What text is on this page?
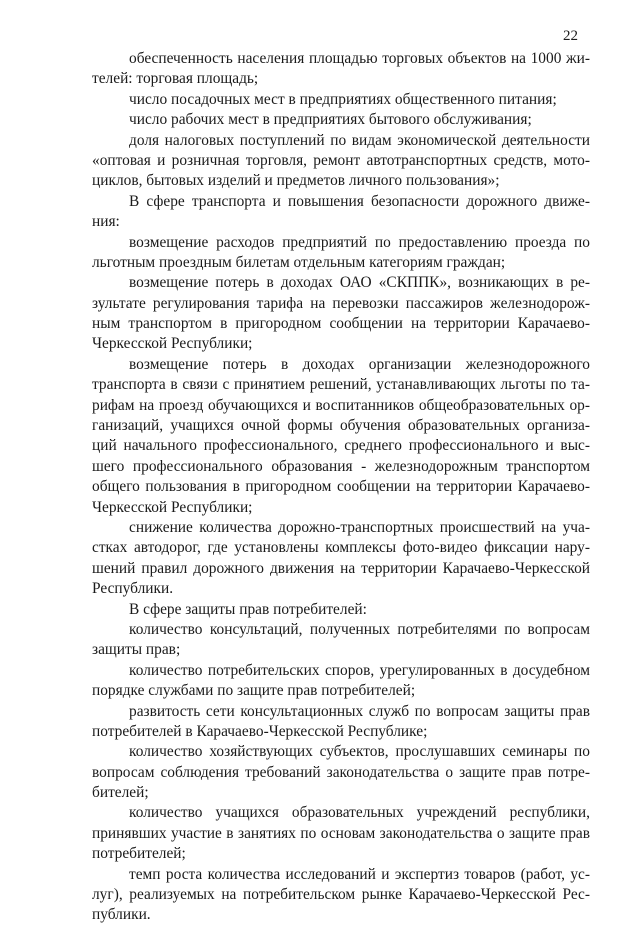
22
обеспеченность населения площадью торговых объектов на 1000 жи-
телей: торговая площадь;
число посадочных мест в предприятиях общественного питания;
число рабочих мест в предприятиях бытового обслуживания;
доля налоговых поступлений по видам экономической деятельности
«оптовая и розничная торговля, ремонт автотранспортных средств, мото-
циклов, бытовых изделий и предметов личного пользования»;
В сфере транспорта и повышения безопасности дорожного движе-
ния:
возмещение расходов предприятий по предоставлению проезда по
льготным проездным билетам отдельным категориям граждан;
возмещение потерь в доходах ОАО «СКППК», возникающих в ре-
зультате регулирования тарифа на перевозки пассажиров железнодорож-
ным транспортом в пригородном сообщении на территории Карачаево-
Черкесской Республики;
возмещение потерь в доходах организации железнодорожного
транспорта в связи с принятием решений, устанавливающих льготы по та-
рифам на проезд обучающихся и воспитанников общеобразовательных ор-
ганизаций, учащихся очной формы обучения образовательных организа-
ций начального профессионального, среднего профессионального и выс-
шего профессионального образования - железнодорожным транспортом
общего пользования в пригородном сообщении на территории Карачаево-
Черкесской Республики;
снижение количества дорожно-транспортных происшествий на уча-
стках автодорог, где установлены комплексы фото-видео фиксации нару-
шений правил дорожного движения на территории Карачаево-Черкесской
Республики.
В сфере защиты прав потребителей:
количество консультаций, полученных потребителями по вопросам
защиты прав;
количество потребительских споров, урегулированных в досудебном
порядке службами по защите прав потребителей;
развитость сети консультационных служб по вопросам защиты прав
потребителей в Карачаево-Черкесской Республике;
количество хозяйствующих субъектов, прослушавших семинары по
вопросам соблюдения требований законодательства о защите прав потре-
бителей;
количество учащихся образовательных учреждений республики,
принявших участие в занятиях по основам законодательства о защите прав
потребителей;
темп роста количества исследований и экспертиз товаров (работ, ус-
луг), реализуемых на потребительском рынке Карачаево-Черкесской Рес-
публики.
